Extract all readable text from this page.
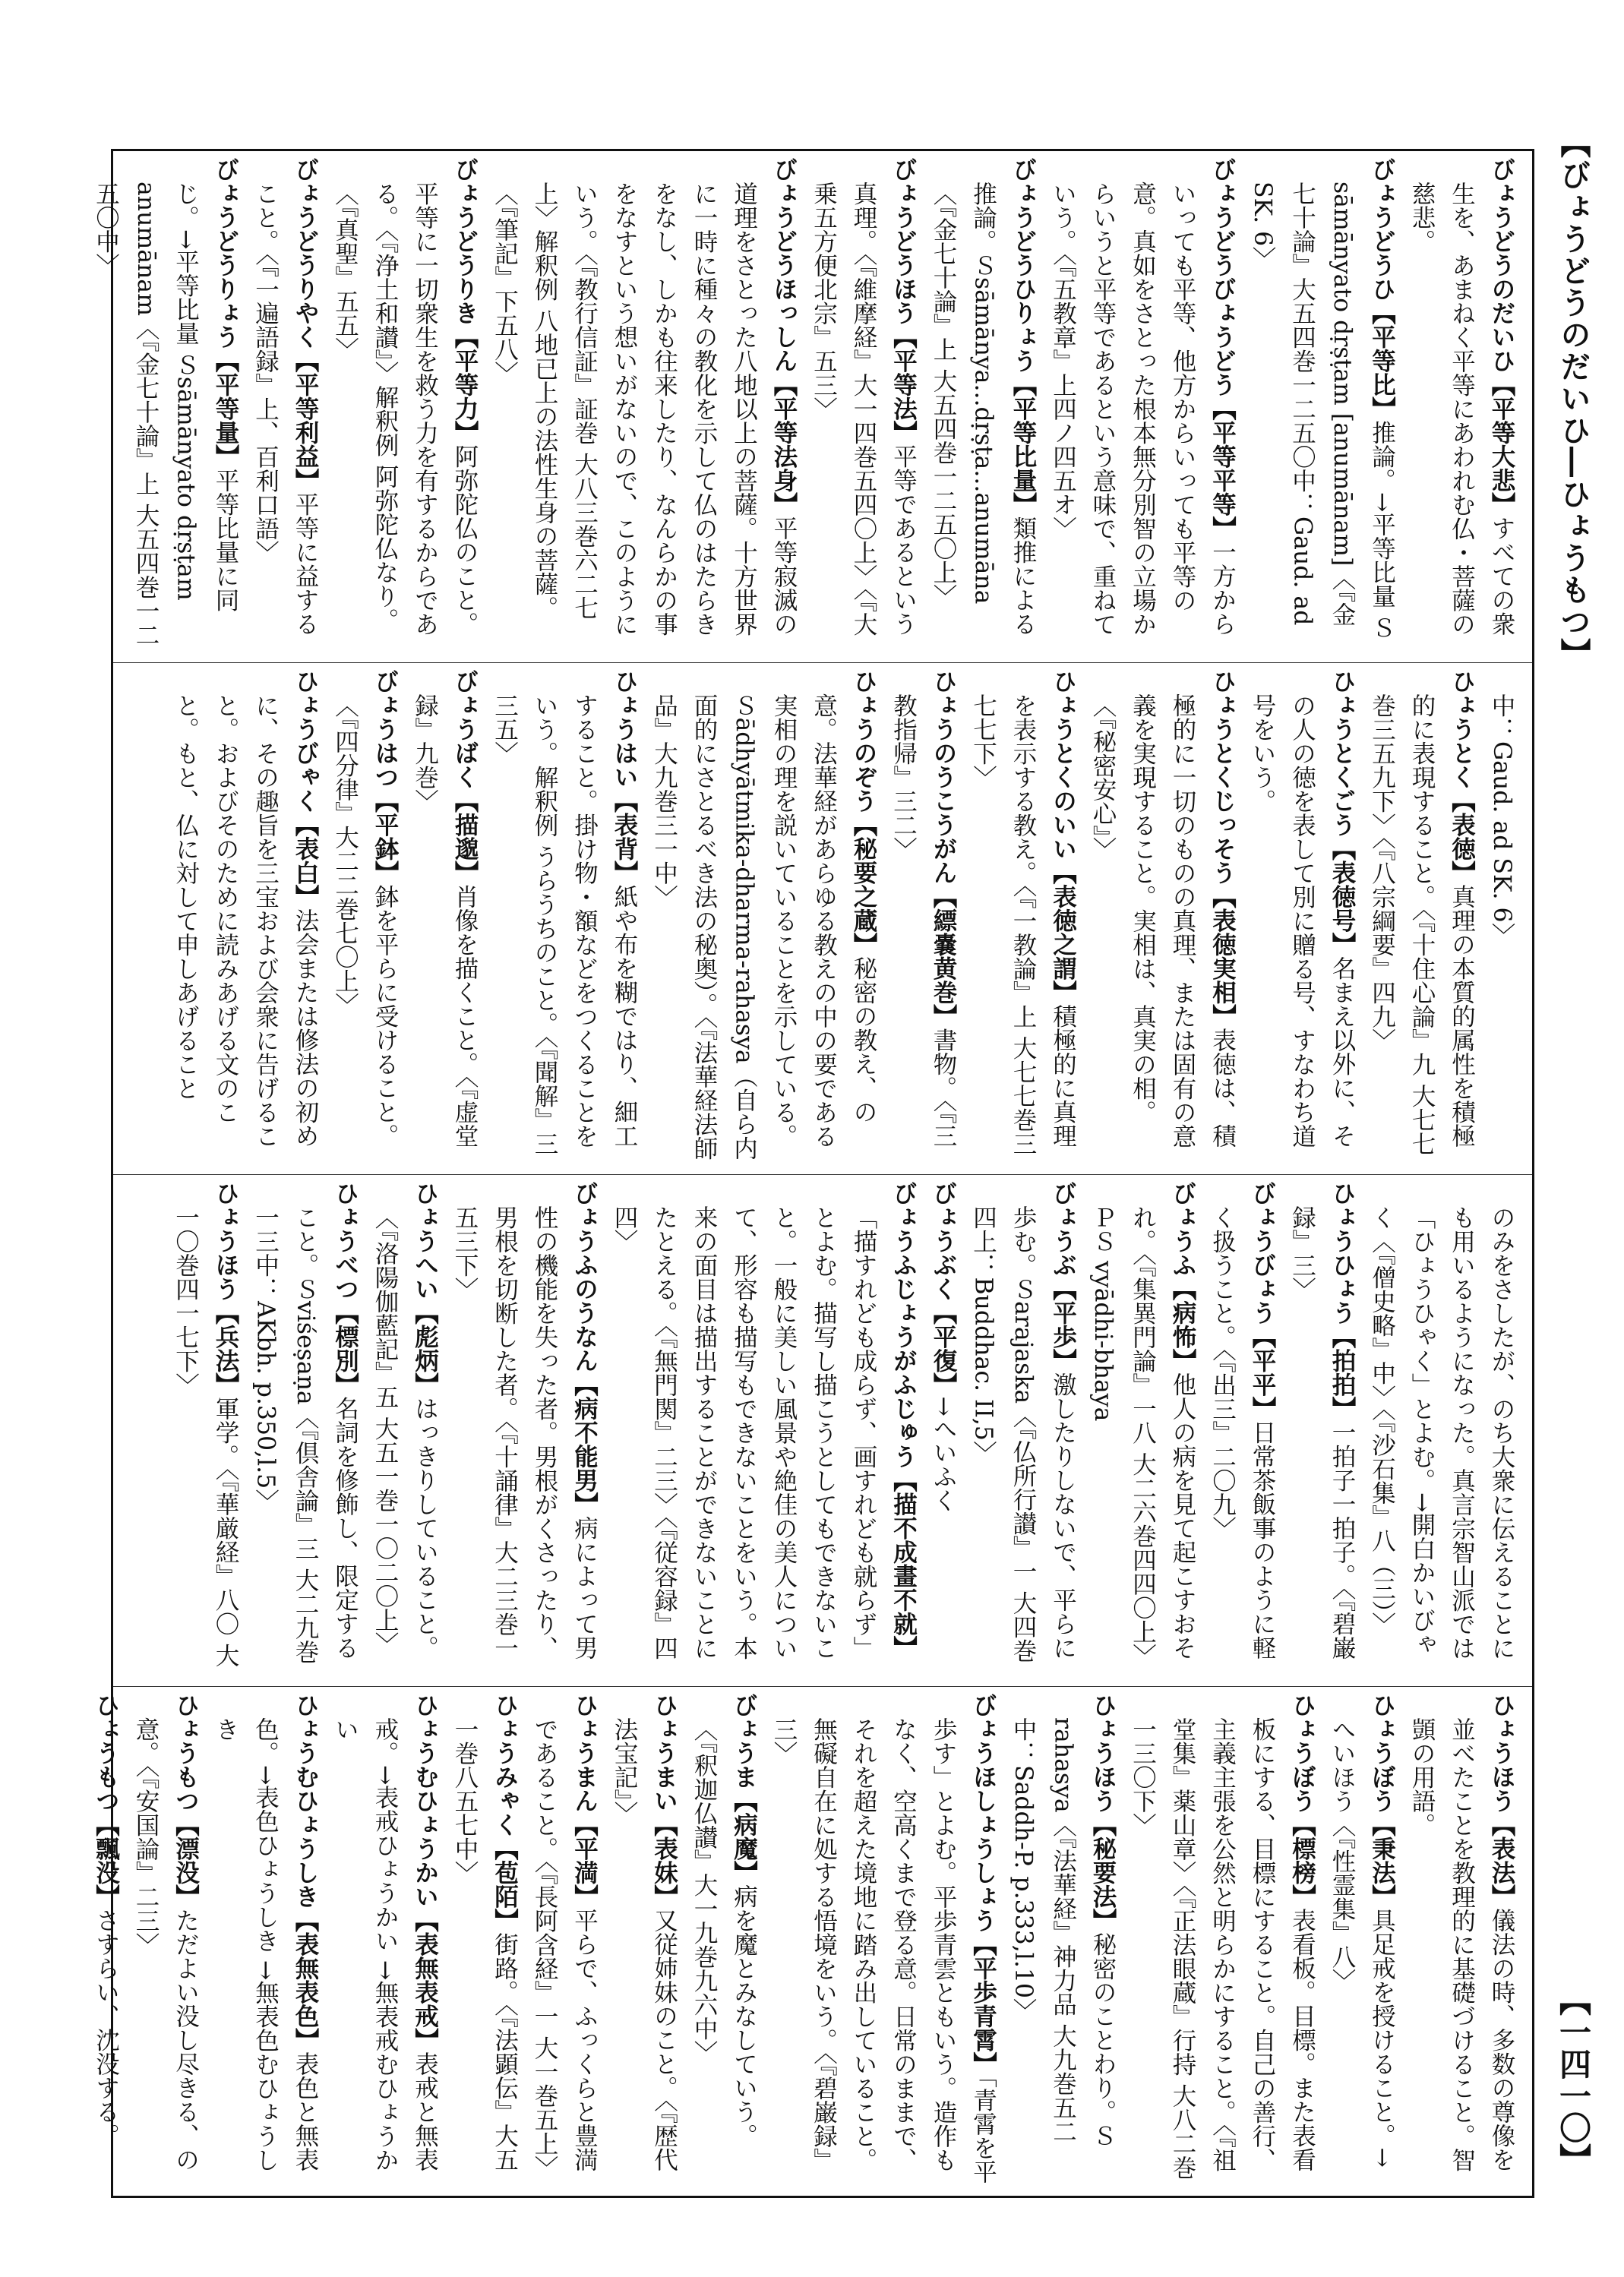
【びょうどうのだいひ―ひょうもつ】
【一四一〇】

びょうどうのだいひ【平等大悲】すべての衆生を、あまねく平等にあわれむ仏・菩薩の慈悲。

びょうどうひ【平等比】推論。→平等比量 Ｓsāmānyato dṛṣṭam [anumānam]〈『金七十論』大五四巻一二五〇中：Gaud. ad SK. 6〉

びょうどうびょうどう【平等平等】一方からいっても平等、他方からいっても平等の意。真如をさとった根本無分別智の立場からいうと平等であるという意味で、重ねていう。〈『五教章』上四ノ四五オ〉

びょうどうひりょう【平等比量】類推による推論。Ｓsāmānya...dṛṣṭa...anumāna〈『金七十論』上 大五四巻一二五〇上〉

びょうどうほう【平等法】平等であるという真理。〈『維摩経』大一四巻五四〇上〉〈『大乗五方便北宗』五三〉

びょうどうほっしん【平等法身】平等寂滅の道理をさとった八地以上の菩薩。十方世界に一時に種々の教化を示して仏のはたらきをなし、しかも往来したり、なんらかの事をなすという想いがないので、このようにいう。〈『教行信証』証巻 大八三巻六二七上〉解釈例 八地已上の法性生身の菩薩。〈『筆記』下五八〉

びょうどうりき【平等力】阿弥陀仏のこと。平等に一切衆生を救う力を有するからである。〈『浄土和讃』〉解釈例 阿弥陀仏なり。〈『真聖』五五〉

びょうどうりやく【平等利益】平等に益すること。〈『一遍語録』上、百利口語〉

びょうどうりょう【平等量】平等比量に同じ。→平等比量 Ｓsāmānyato dṛṣṭam anumānam〈『金七十論』上 大五四巻一二五〇中〉

中：Gaud. ad SK. 6〉

ひょうとく【表徳】真理の本質的属性を積極的に表現すること。〈『十住心論』九 大七七巻三五九下〉〈『八宗綱要』四九〉

ひょうとくごう【表徳号】名まえ以外に、その人の徳を表して別に贈る号、すなわち道号をいう。

ひょうとくじっそう【表徳実相】表徳は、積極的に一切のものの真理、または固有の意義を実現すること。実相は、真実の相。〈『秘密安心』〉

ひょうとくのいい【表徳之謂】積極的に真理を表示する教え。〈『一教論』上 大七七巻三七七下〉

ひょうのうこうがん【縹嚢黄巻】書物。〈『三教指帰』三二〉

ひょうのぞう【秘要之蔵】秘密の教え、の意。法華経があらゆる教えの中の要である実相の理を説いていることを示している。Ｓādhyātmika-dharma-rahasya（自ら内面的にさとるべき法の秘奥）。〈『法華経法師品』大九巻三一中〉

ひょうはい【表背】紙や布を糊ではり、細工すること。掛け物・額などをつくることをいう。解釈例 うらうちのこと。〈『聞解』三三五〉

びょうばく【描邈】肖像を描くこと。〈『虚堂録』九巻〉

びょうはつ【平鉢】鉢を平らに受けること。〈『四分律』大二二巻七〇上〉

ひょうびゃく【表白】法会または修法の初めに、その趣旨を三宝および会衆に告げること。およびそのために読みあげる文のこと。もと、仏に対して申しあげること

のみをさしたが、のち大衆に伝えることにも用いるようになった。真言宗智山派では「ひょうひゃく」とよむ。→開白かいびゃく〈『僧史略』中〉〈『沙石集』八（三）〉

ひょうひょう【拍拍】一拍子一拍子。〈『碧巌録』三〉

びょうびょう【平平】日常茶飯事のように軽く扱うこと。〈『出三』二〇九〉

びょうふ【病怖】他人の病を見て起こすおそれ。〈『集異門論』一八 大二六巻四四〇上〉ＰＳ vyādhi-bhaya

びょうぶ【平歩】激したりしないで、平らに歩む。Ｓarajaska〈『仏所行讃』一 大四巻四上：Buddhac. II,5〉

びょうぶく【平復】→へいふく

びょうふじょうがふじゅう【描不成畫不就】「描すれども成らず、画すれども就らず」とよむ。描写し描こうとしてもできないこと。一般に美しい風景や絶佳の美人について、形容も描写もできないことをいう。本来の面目は描出することができないことにたとえる。〈『無門関』二三〉〈『従容録』四四〉

びょうふのうなん【病不能男】病によって男性の機能を失った者。男根がくさったり、男根を切断した者。〈『十誦律』大二三巻一五三下〉

ひょうへい【彪炳】はっきりしていること。〈『洛陽伽藍記』五 大五一巻一〇二〇上〉

ひょうべつ【標別】名詞を修飾し、限定すること。Ｓviśeṣaṇa〈『倶舎論』三 大二九巻一三中：AKbh. p.350,l.5〉

ひょうほう【兵法】軍学。〈『華厳経』八〇 大一〇巻四一七下〉

ひょうほう【表法】儀法の時、多数の尊像を並べたことを教理的に基礎づけること。智顗の用語。

ひょうぼう【秉法】具足戒を授けること。→へいほう〈『性霊集』八〉

ひょうぼう【標榜】表看板。目標。また表看板にする、目標にすること。自己の善行、主義主張を公然と明らかにすること。〈『祖堂集』薬山章〉〈『正法眼蔵』行持 大八二巻一三〇下〉

ひょうほう【秘要法】秘密のことわり。Ｓrahasya〈『法華経』神力品 大九巻五二中：Saddh-P. p.333,l.10〉

びょうほしょうしょう【平歩青霄】「青霄を平歩す」とよむ。平歩青雲ともいう。造作もなく、空高くまで登る意。日常のままで、それを超えた境地に踏み出していること。無礙自在に処する悟境をいう。〈『碧巌録』三〉

びょうま【病魔】病を魔とみなしていう。〈『釈迦仏讃』大一九巻九六中〉

ひょうまい【表妹】又従姉妹のこと。〈『歴代法宝記』〉

ひょうまん【平満】平らで、ふっくらと豊満であること。〈『長阿含経』一 大一巻五上〉

ひょうみゃく【苞陌】街路。〈『法顕伝』大五一巻八五七中〉

ひょうむひょうかい【表無表戒】表戒と無表戒。→表戒ひょうかい →無表戒むひょうかい

ひょうむひょうしき【表無表色】表色と無表色。→表色ひょうしき →無表色むひょうしき

ひょうもつ【漂没】ただよい没し尽きる、の意。〈『安国論』二三〉

ひょうもつ【飄没】さすらい、沈没する。
